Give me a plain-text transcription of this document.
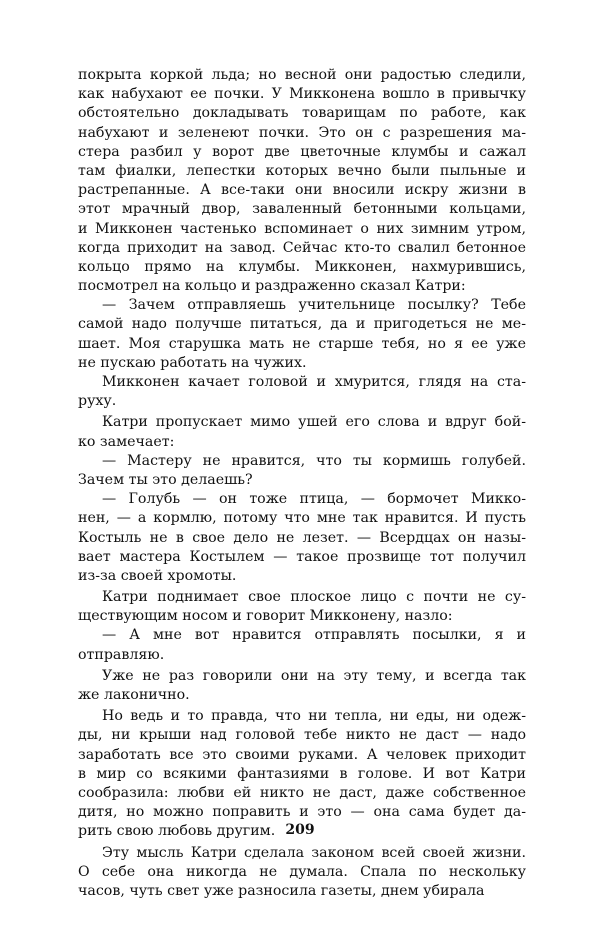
покрыта коркой льда; но весной они радостью следили,
как набухают ее почки. У Микконена вошло в привычку
обстоятельно докладывать товарищам по работе, как
набухают и зеленеют почки. Это он с разрешения ма-
стера разбил у ворот две цветочные клумбы и сажал
там фиалки, лепестки которых вечно были пыльные и
растрепанные. А все-таки они вносили искру жизни в
этот мрачный двор, заваленный бетонными кольцами,
и Микконен частенько вспоминает о них зимним утром,
когда приходит на завод. Сейчас кто-то свалил бетонное
кольцо прямо на клумбы. Микконен, нахмурившись,
посмотрел на кольцо и раздраженно сказал Катри:
— Зачем отправляешь учительнице посылку? Тебе
самой надо получше питаться, да и пригодеться не ме-
шает. Моя старушка мать не старше тебя, но я ее уже
не пускаю работать на чужих.
Микконен качает головой и хмурится, глядя на ста-
руху.
Катри пропускает мимо ушей его слова и вдруг бой-
ко замечает:
— Мастеру не нравится, что ты кормишь голубей.
Зачем ты это делаешь?
— Голубь — он тоже птица, — бормочет Микко-
нен, — а кормлю, потому что мне так нравится. И пусть
Костыль не в свое дело не лезет. — Всердцах он назы-
вает мастера Костылем — такое прозвище тот получил
из-за своей хромоты.
Катри поднимает свое плоское лицо с почти не су-
ществующим носом и говорит Микконену, назло:
— А мне вот нравится отправлять посылки, я и
отправляю.
Уже не раз говорили они на эту тему, и всегда так
же лаконично.
Но ведь и то правда, что ни тепла, ни еды, ни одеж-
ды, ни крыши над головой тебе никто не даст — надо
заработать все это своими руками. А человек приходит
в мир со всякими фантазиями в голове. И вот Катри
сообразила: любви ей никто не даст, даже собственное
дитя, но можно поправить и это — она сама будет да-
рить свою любовь другим.
Эту мысль Катри сделала законом всей своей жизни.
О себе она никогда не думала. Спала по нескольку
часов, чуть свет уже разносила газеты, днем убирала
209
